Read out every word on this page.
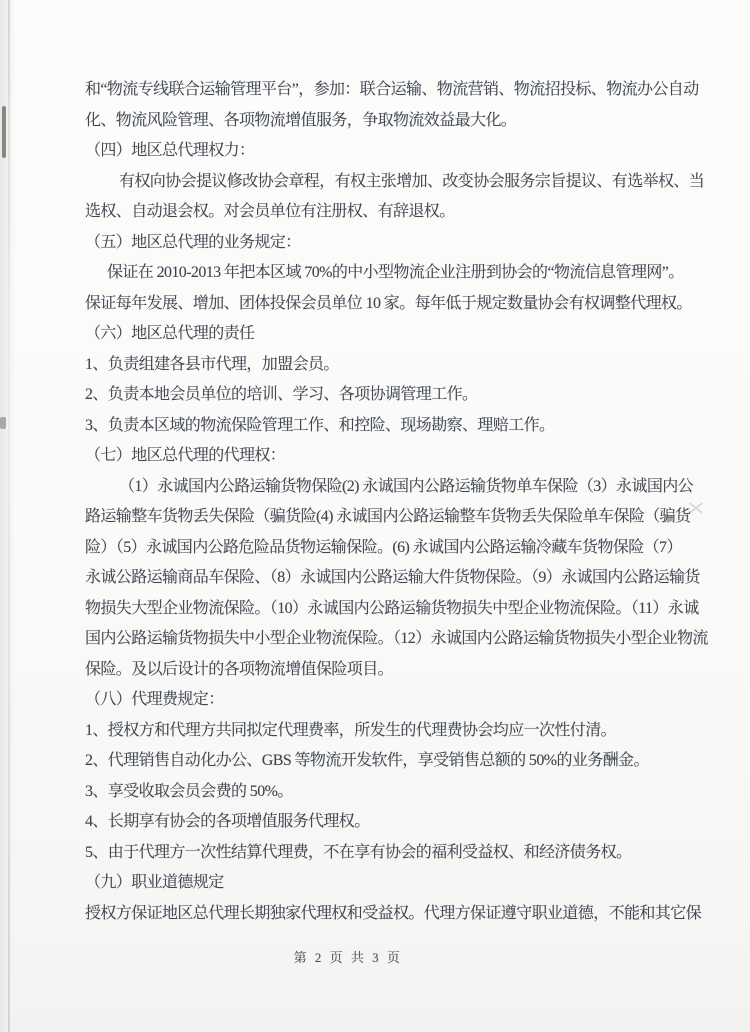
和“物流专线联合运输管理平台”，参加：联合运输、物流营销、物流招投标、物流办公自动
化、物流风险管理、各项物流增值服务，争取物流效益最大化。
（四）地区总代理权力：
有权向协会提议修改协会章程，有权主张增加、改变协会服务宗旨提议、有选举权、当
选权、自动退会权。对会员单位有注册权、有辞退权。
（五）地区总代理的业务规定：
保证在 2010-2013 年把本区域 70%的中小型物流企业注册到协会的“物流信息管理网”。
保证每年发展、增加、团体投保会员单位 10 家。每年低于规定数量协会有权调整代理权。
（六）地区总代理的责任
1、负责组建各县市代理，加盟会员。
2、负责本地会员单位的培训、学习、各项协调管理工作。
3、负责本区域的物流保险管理工作、和控险、现场勘察、理赔工作。
（七）地区总代理的代理权：
（1）永诚国内公路运输货物保险(2) 永诚国内公路运输货物单车保险（3）永诚国内公
路运输整车货物丢失保险（骗货险(4) 永诚国内公路运输整车货物丢失保险单车保险（骗货
险）（5）永诚国内公路危险品货物运输保险。(6) 永诚国内公路运输冷藏车货物保险（7）
永诚公路运输商品车保险、（8）永诚国内公路运输大件货物保险。（9）永诚国内公路运输货
物损失大型企业物流保险。（10）永诚国内公路运输货物损失中型企业物流保险。（11）永诚
国内公路运输货物损失中小型企业物流保险。（12）永诚国内公路运输货物损失小型企业物流
保险。及以后设计的各项物流增值保险项目。
（八）代理费规定：
1、授权方和代理方共同拟定代理费率，所发生的代理费协会均应一次性付清。
2、代理销售自动化办公、GBS 等物流开发软件，享受销售总额的 50%的业务酬金。
3、享受收取会员会费的 50%。
4、长期享有协会的各项增值服务代理权。
5、由于代理方一次性结算代理费，不在享有协会的福利受益权、和经济债务权。
（九）职业道德规定
授权方保证地区总代理长期独家代理权和受益权。代理方保证遵守职业道德，不能和其它保
第 2 页 共 3 页
